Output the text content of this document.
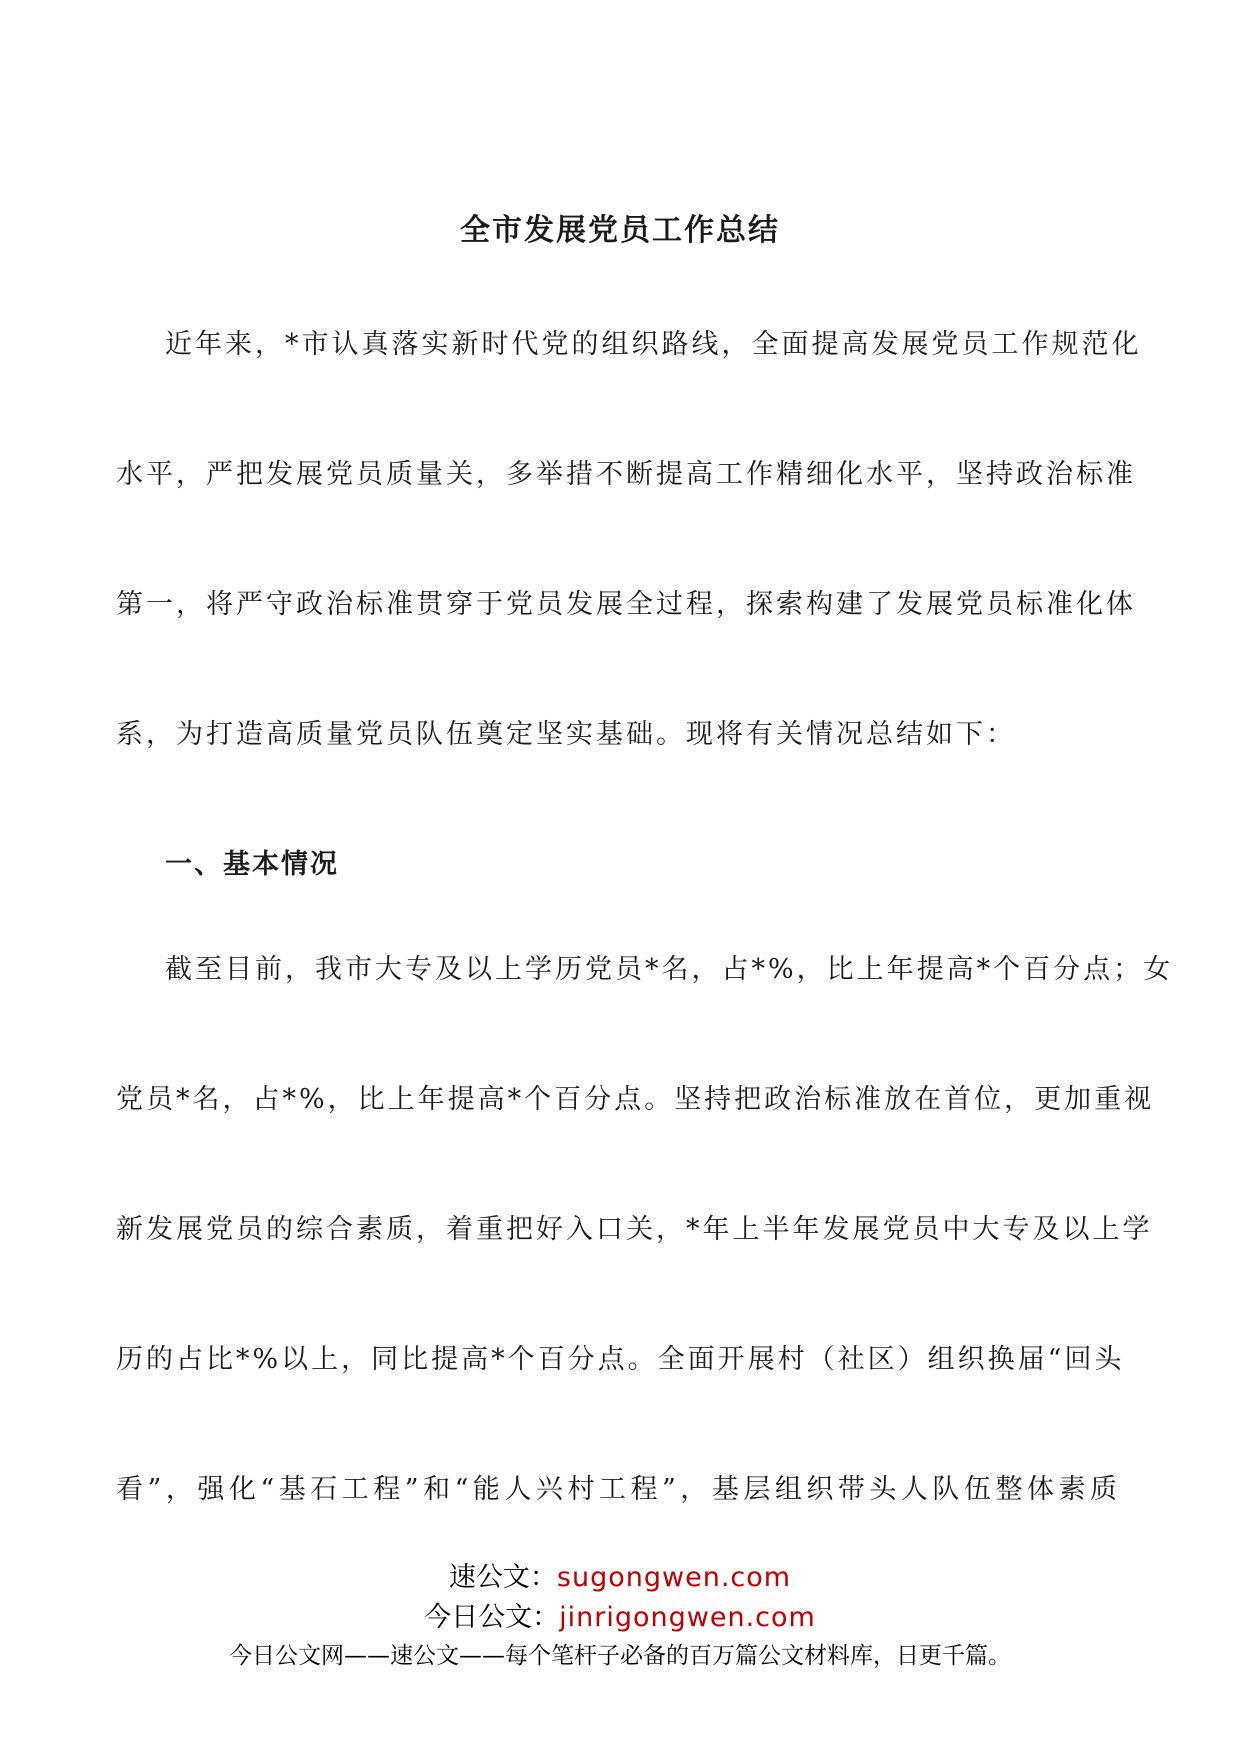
全市发展党员工作总结
近年来，*市认真落实新时代党的组织路线，全面提高发展党员工作规范化
水平，严把发展党员质量关，多举措不断提高工作精细化水平，坚持政治标准
第一，将严守政治标准贯穿于党员发展全过程，探索构建了发展党员标准化体
系，为打造高质量党员队伍奠定坚实基础。现将有关情况总结如下：
一、基本情况
截至目前，我市大专及以上学历党员*名，占*%，比上年提高*个百分点；女
党员*名，占*%，比上年提高*个百分点。坚持把政治标准放在首位，更加重视
新发展党员的综合素质，着重把好入口关，*年上半年发展党员中大专及以上学
历的占比*%以上，同比提高*个百分点。全面开展村（社区）组织换届“回头
看”，强化“基石工程”和“能人兴村工程”，基层组织带头人队伍整体素质
速公文：sugongwen.com
今日公文：jinrigongwen.com
今日公文网——速公文——每个笔杆子必备的百万篇公文材料库，日更千篇。
